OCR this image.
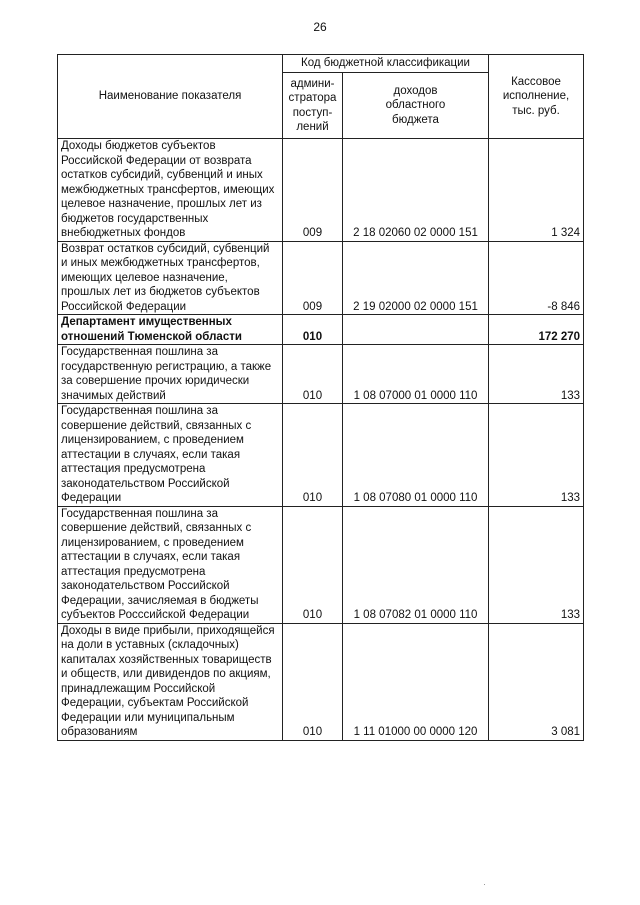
26
Наименование показателя	Код бюджетной классификации		Кассовое
исполнение,
тыс. руб.
	админи-
стратора
поступ-
лений	доходов
областного
бюджета	
Доходы бюджетов субъектов Российской Федерации от возврата остатков субсидий, субвенций и иных межбюджетных трансфертов, имеющих целевое назначение, прошлых лет из бюджетов государственных внебюджетных фондов	009	2 18 02060 02 0000 151	1 324
Возврат остатков субсидий, субвенций и иных межбюджетных трансфертов, имеющих целевое назначение, прошлых лет из бюджетов субъектов Российской Федерации	009	2 19 02000 02 0000 151	-8 846
Департамент имущественных отношений Тюменской области	010		172 270
Государственная пошлина за государственную регистрацию, а также за совершение прочих юридически значимых действий	010	1 08 07000 01 0000 110	133
Государственная пошлина за совершение действий, связанных с лицензированием, с проведением аттестации в случаях, если такая аттестация предусмотрена законодательством Российской Федерации	010	1 08 07080 01 0000 110	133
Государственная пошлина за совершение действий, связанных с лицензированием, с проведением аттестации в случаях, если такая аттестация предусмотрена законодательством Российской Федерации, зачисляемая в бюджеты субъектов Росссийской Федерации	010	1 08 07082 01 0000 110	133
Доходы в виде прибыли, приходящейся на доли в уставных (складочных) капиталах хозяйственных товариществ и обществ, или дивидендов по акциям, принадлежащим Российской Федерации, субъектам Российской Федерации или муниципальным образованиям	010	1 11 01000 00 0000 120	3 081
